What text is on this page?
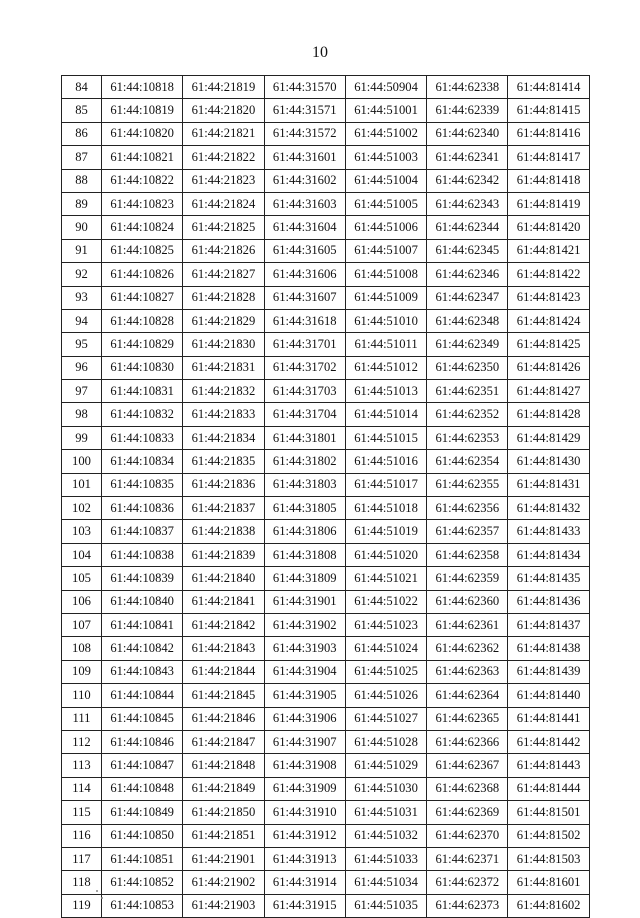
10
84	61:44:10818	61:44:21819	61:44:31570	61:44:50904	61:44:62338	61:44:81414
85	61:44:10819	61:44:21820	61:44:31571	61:44:51001	61:44:62339	61:44:81415
86	61:44:10820	61:44:21821	61:44:31572	61:44:51002	61:44:62340	61:44:81416
87	61:44:10821	61:44:21822	61:44:31601	61:44:51003	61:44:62341	61:44:81417
88	61:44:10822	61:44:21823	61:44:31602	61:44:51004	61:44:62342	61:44:81418
89	61:44:10823	61:44:21824	61:44:31603	61:44:51005	61:44:62343	61:44:81419
90	61:44:10824	61:44:21825	61:44:31604	61:44:51006	61:44:62344	61:44:81420
91	61:44:10825	61:44:21826	61:44:31605	61:44:51007	61:44:62345	61:44:81421
92	61:44:10826	61:44:21827	61:44:31606	61:44:51008	61:44:62346	61:44:81422
93	61:44:10827	61:44:21828	61:44:31607	61:44:51009	61:44:62347	61:44:81423
94	61:44:10828	61:44:21829	61:44:31618	61:44:51010	61:44:62348	61:44:81424
95	61:44:10829	61:44:21830	61:44:31701	61:44:51011	61:44:62349	61:44:81425
96	61:44:10830	61:44:21831	61:44:31702	61:44:51012	61:44:62350	61:44:81426
97	61:44:10831	61:44:21832	61:44:31703	61:44:51013	61:44:62351	61:44:81427
98	61:44:10832	61:44:21833	61:44:31704	61:44:51014	61:44:62352	61:44:81428
99	61:44:10833	61:44:21834	61:44:31801	61:44:51015	61:44:62353	61:44:81429
100	61:44:10834	61:44:21835	61:44:31802	61:44:51016	61:44:62354	61:44:81430
101	61:44:10835	61:44:21836	61:44:31803	61:44:51017	61:44:62355	61:44:81431
102	61:44:10836	61:44:21837	61:44:31805	61:44:51018	61:44:62356	61:44:81432
103	61:44:10837	61:44:21838	61:44:31806	61:44:51019	61:44:62357	61:44:81433
104	61:44:10838	61:44:21839	61:44:31808	61:44:51020	61:44:62358	61:44:81434
105	61:44:10839	61:44:21840	61:44:31809	61:44:51021	61:44:62359	61:44:81435
106	61:44:10840	61:44:21841	61:44:31901	61:44:51022	61:44:62360	61:44:81436
107	61:44:10841	61:44:21842	61:44:31902	61:44:51023	61:44:62361	61:44:81437
108	61:44:10842	61:44:21843	61:44:31903	61:44:51024	61:44:62362	61:44:81438
109	61:44:10843	61:44:21844	61:44:31904	61:44:51025	61:44:62363	61:44:81439
110	61:44:10844	61:44:21845	61:44:31905	61:44:51026	61:44:62364	61:44:81440
111	61:44:10845	61:44:21846	61:44:31906	61:44:51027	61:44:62365	61:44:81441
112	61:44:10846	61:44:21847	61:44:31907	61:44:51028	61:44:62366	61:44:81442
113	61:44:10847	61:44:21848	61:44:31908	61:44:51029	61:44:62367	61:44:81443
114	61:44:10848	61:44:21849	61:44:31909	61:44:51030	61:44:62368	61:44:81444
115	61:44:10849	61:44:21850	61:44:31910	61:44:51031	61:44:62369	61:44:81501
116	61:44:10850	61:44:21851	61:44:31912	61:44:51032	61:44:62370	61:44:81502
117	61:44:10851	61:44:21901	61:44:31913	61:44:51033	61:44:62371	61:44:81503
118	61:44:10852	61:44:21902	61:44:31914	61:44:51034	61:44:62372	61:44:81601
119	61:44:10853	61:44:21903	61:44:31915	61:44:51035	61:44:62373	61:44:81602
